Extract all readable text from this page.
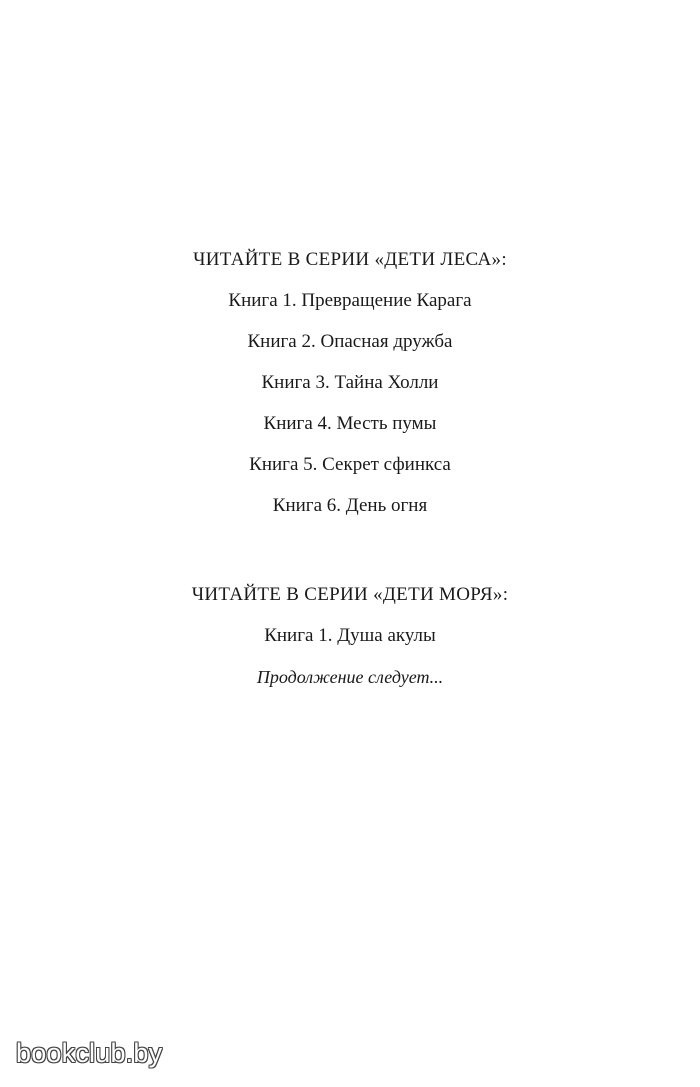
ЧИТАЙТЕ В СЕРИИ «ДЕТИ ЛЕСА»:
Книга 1. Превращение Карага
Книга 2. Опасная дружба
Книга 3. Тайна Холли
Книга 4. Месть пумы
Книга 5. Секрет сфинкса
Книга 6. День огня
ЧИТАЙТЕ В СЕРИИ «ДЕТИ МОРЯ»:
Книга 1. Душа акулы
Продолжение следует...
bookclub.by
